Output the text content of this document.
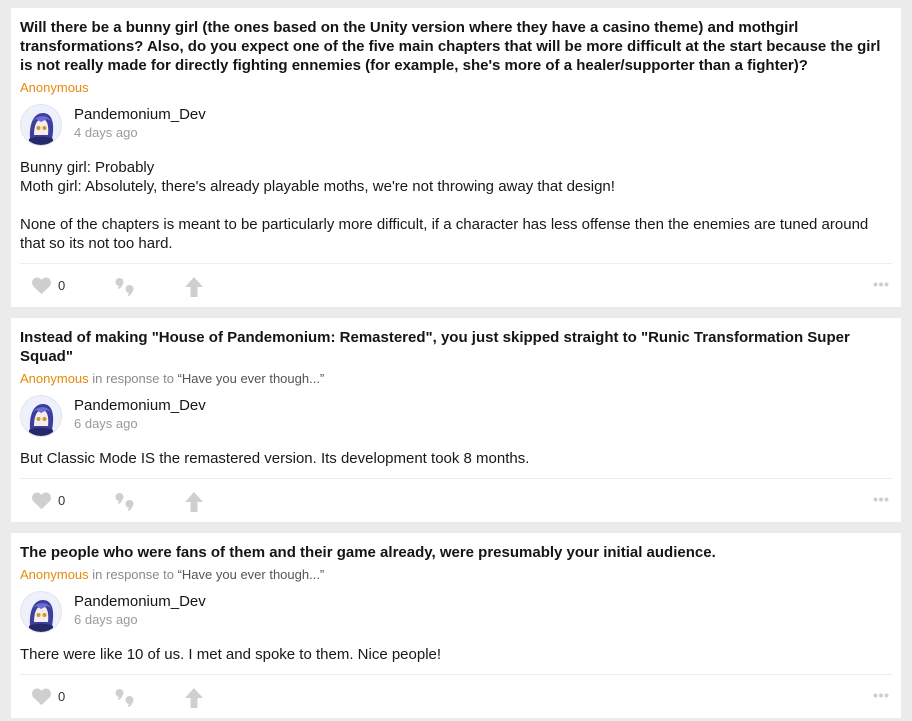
Will there be a bunny girl (the ones based on the Unity version where they have a casino theme) and mothgirl transformations? Also, do you expect one of the five main chapters that will be more difficult at the start because the girl is not really made for directly fighting ennemies (for example, she's more of a healer/supporter than a fighter)?

Anonymous
Pandemonium_Dev
4 days ago

Bunny girl: Probably

Moth girl: Absolutely, there's already playable moths, we're not throwing away that design!

None of the chapters is meant to be particularly more difficult, if a character has less offense then the enemies are tuned around that so its not too hard.

0

Instead of making "House of Pandemonium: Remastered", you just skipped straight to "Runic Transformation Super Squad"

Anonymous in response to “Have you ever though...”
Pandemonium_Dev
6 days ago

But Classic Mode IS the remastered version. Its development took 8 months.

0

The people who were fans of them and their game already, were presumably your initial audience.

Anonymous in response to “Have you ever though...”
Pandemonium_Dev
6 days ago

There were like 10 of us. I met and spoke to them. Nice people!

0
